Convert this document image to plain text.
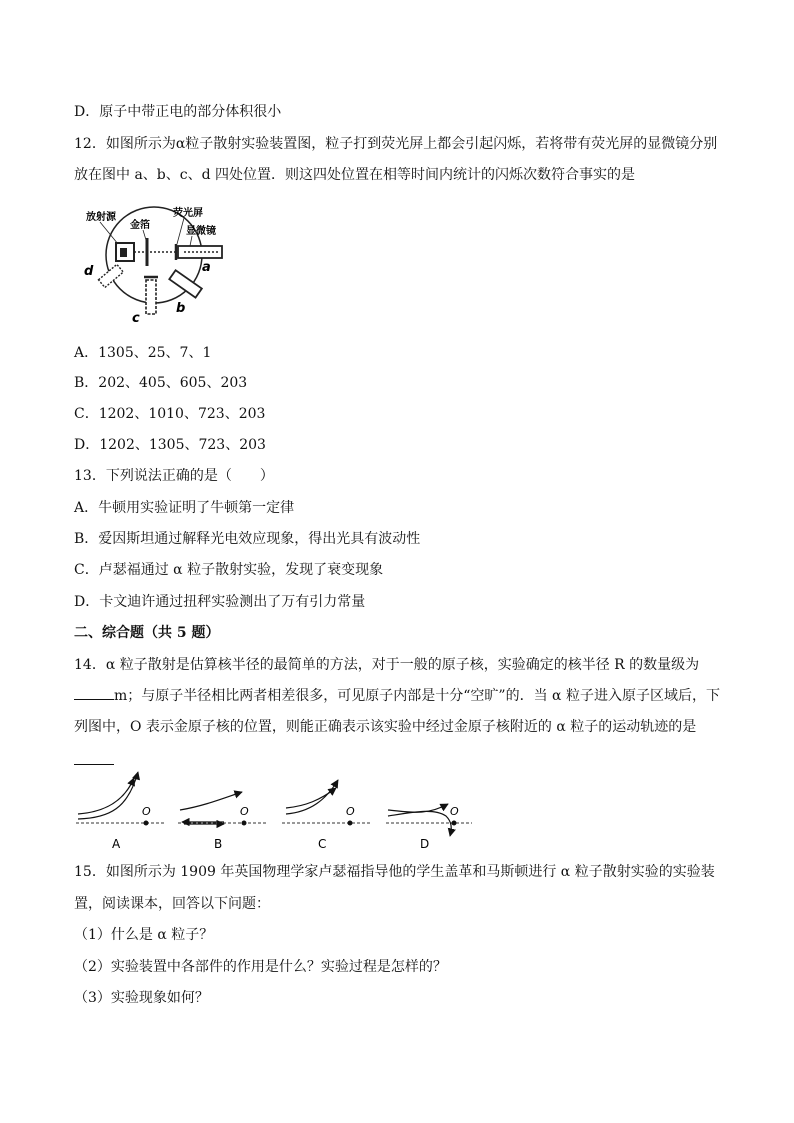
D．原子中带正电的部分体积很小
12．如图所示为α粒子散射实验装置图，粒子打到荧光屏上都会引起闪烁，若将带有荧光屏的显微镜分别
放在图中 a、b、c、d 四处位置．则这四处位置在相等时间内统计的闪烁次数符合事实的是
放射源
金箔
荧光屏
显微镜
a
b
c
d
A．1305、25、7、1
B．202、405、605、203
C．1202、1010、723、203
D．1202、1305、723、203
13．下列说法正确的是（　　）
A．牛顿用实验证明了牛顿第一定律
B．爱因斯坦通过解释光电效应现象，得出光具有波动性
C．卢瑟福通过 α 粒子散射实验，发现了衰变现象
D．卡文迪许通过扭秤实验测出了万有引力常量
二、综合题（共 5 题）
14．α 粒子散射是估算核半径的最简单的方法，对于一般的原子核，实验确定的核半径 R 的数量级为
m；与原子半径相比两者相差很多，可见原子内部是十分“空旷”的．当 α 粒子进入原子区域后，下
列图中，O 表示金原子核的位置，则能正确表示该实验中经过金原子核附近的 α 粒子的运动轨迹的是
O
A
O
B
O
C
O
D
15．如图所示为 1909 年英国物理学家卢瑟福指导他的学生盖革和马斯顿进行 α 粒子散射实验的实验装
置，阅读课本，回答以下问题：
（1）什么是 α 粒子？
（2）实验装置中各部件的作用是什么？实验过程是怎样的？
（3）实验现象如何？
